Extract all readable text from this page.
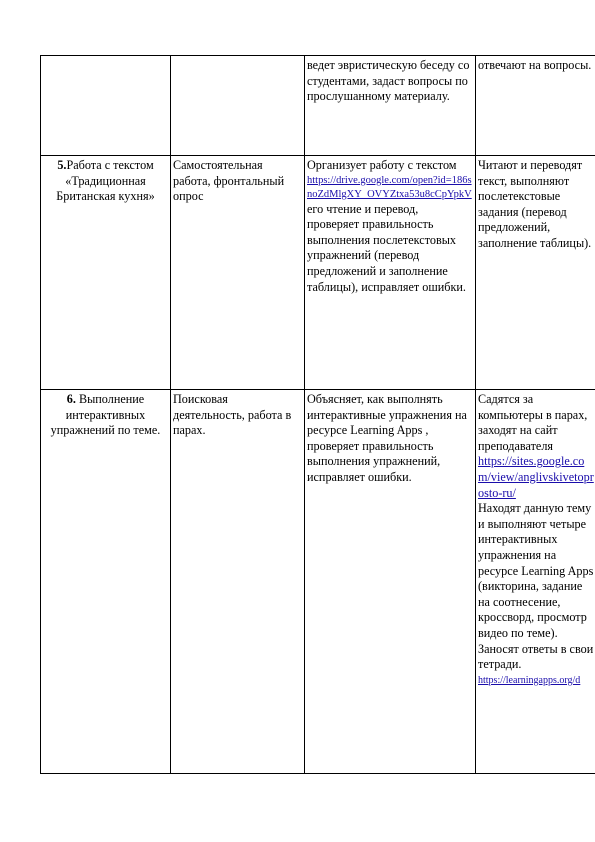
		ведет эвристическую беседу со студентами, задаст вопросы по прослушанному материалу.	отвечают на вопросы.

5.Работа с текстом «Традиционная Британская кухня»	Самостоятельная работа, фронтальный опрос	Организует работу с текстом

https://drive.google.com/open?id=186snoZdMlgXY_OVYZtxa53u8cCpYpkV

его чтение и перевод, проверяет правильность выполнения послетекстовых упражнений (перевод предложений и заполнение таблицы), исправляет ошибки.	Читают и переводят текст, выполняют послетекстовые задания (перевод предложений, заполнение таблицы).

6. Выполнение интерактивных упражнений по теме.	Поисковая деятельность, работа в парах.	Объясняет, как выполнять интерактивные упражнения на ресурсе Learning Apps , проверяет правильность выполнения упражнений, исправляет ошибки.	Садятся за компьютеры в парах, заходят на сайт преподавателя

https://sites.google.com/view/anglivskivetoprosto-ru/

Находят данную тему и выполняют четыре интерактивных упражнения на ресурсе Learning Apps (викторина, задание на соотнесение, кроссворд, просмотр видео по теме). Заносят ответы в свои тетради.

https://learningapps.org/d
